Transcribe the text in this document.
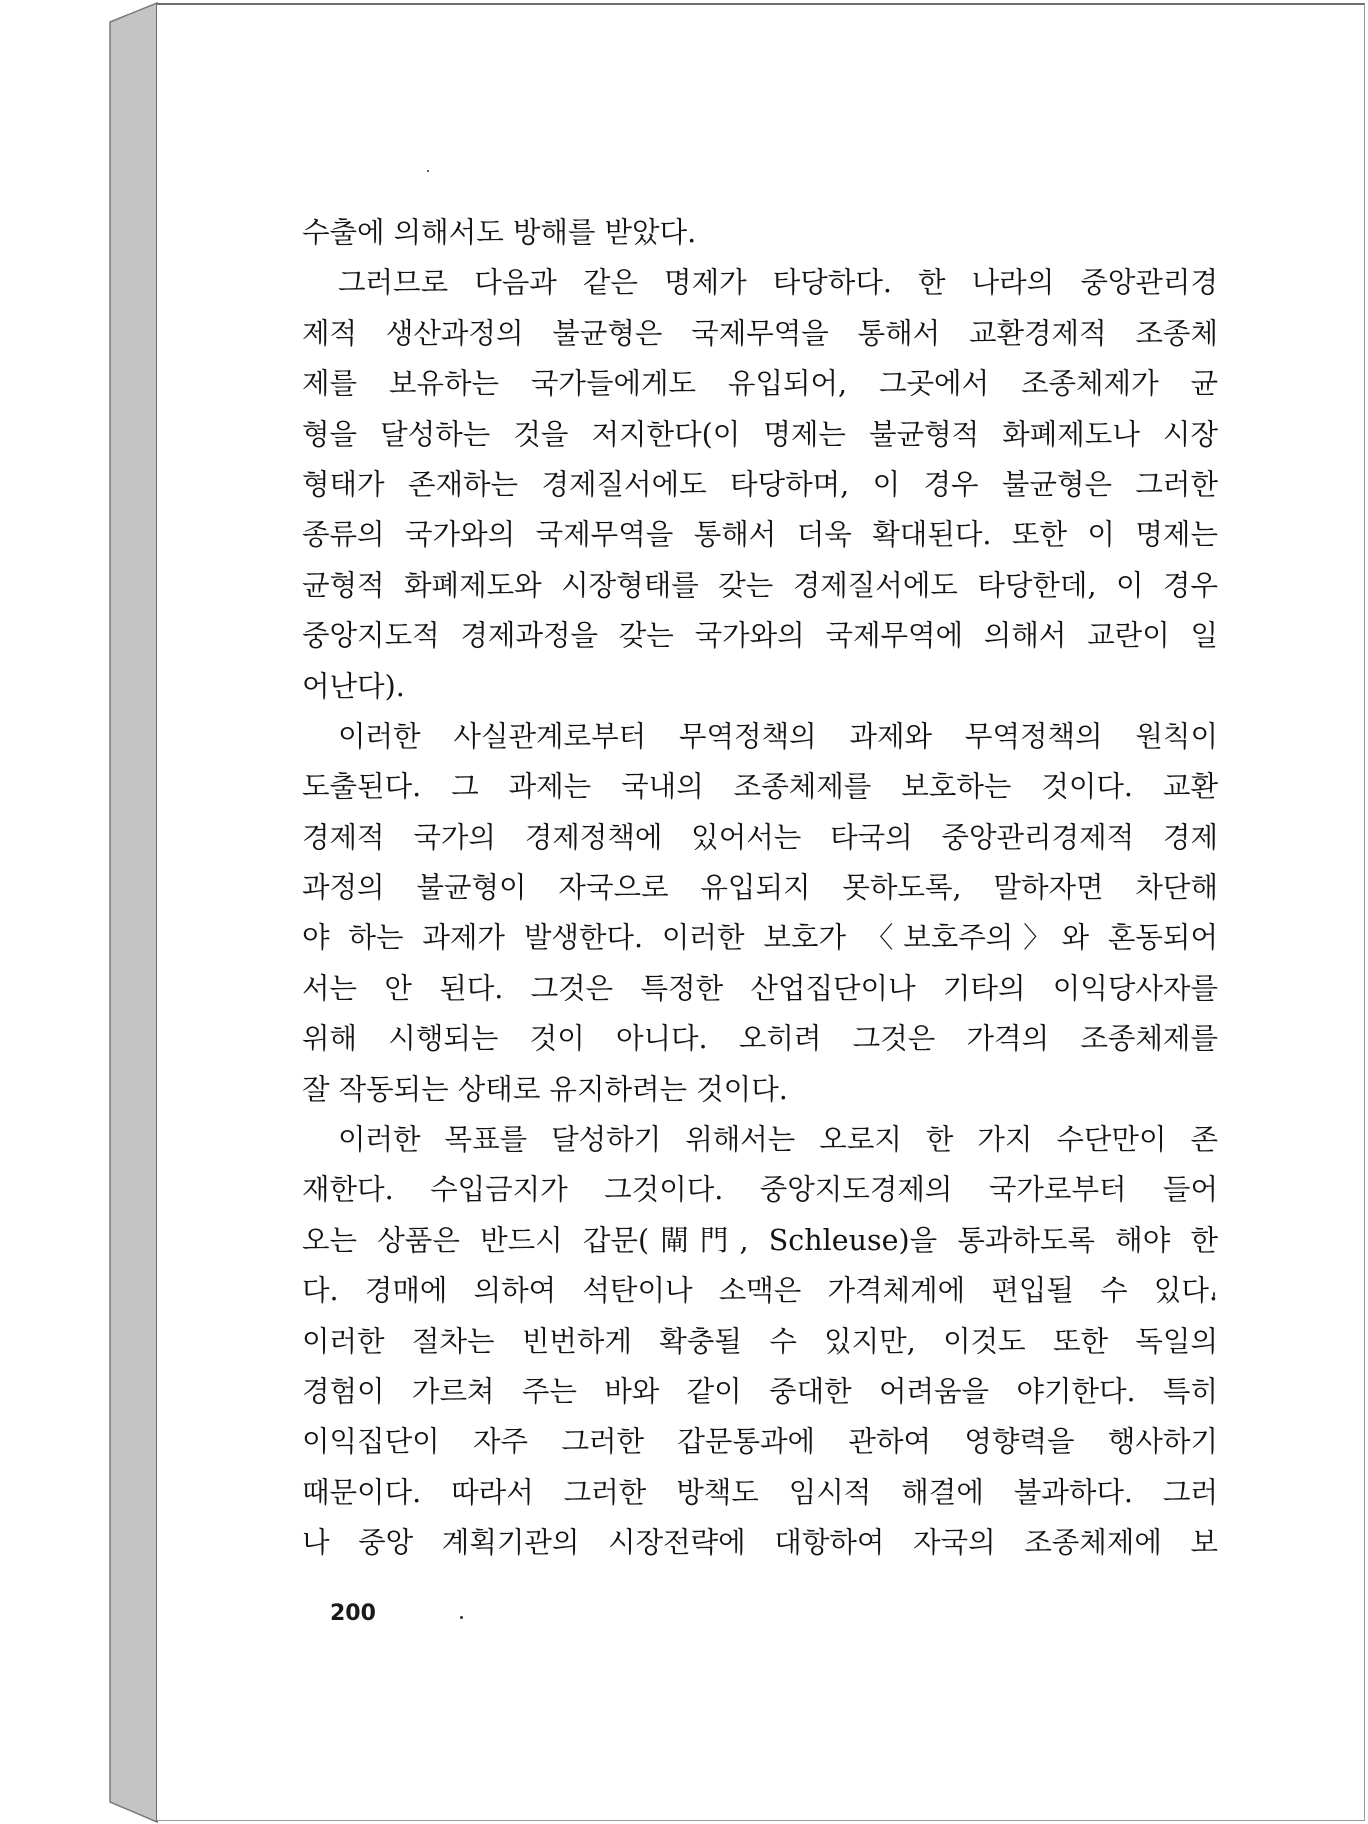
수출에 의해서도 방해를 받았다.
그러므로 다음과 같은 명제가 타당하다. 한 나라의 중앙관리경
제적 생산과정의 불균형은 국제무역을 통해서 교환경제적 조종체
제를 보유하는 국가들에게도 유입되어, 그곳에서 조종체제가 균
형을 달성하는 것을 저지한다(이 명제는 불균형적 화폐제도나 시장
형태가 존재하는 경제질서에도 타당하며, 이 경우 불균형은 그러한
종류의 국가와의 국제무역을 통해서 더욱 확대된다. 또한 이 명제는
균형적 화폐제도와 시장형태를 갖는 경제질서에도 타당한데, 이 경우
중앙지도적 경제과정을 갖는 국가와의 국제무역에 의해서 교란이 일
어난다).
이러한 사실관계로부터 무역정책의 과제와 무역정책의 원칙이
도출된다. 그 과제는 국내의 조종체제를 보호하는 것이다. 교환
경제적 국가의 경제정책에 있어서는 타국의 중앙관리경제적 경제
과정의 불균형이 자국으로 유입되지 못하도록, 말하자면 차단해
야 하는 과제가 발생한다. 이러한 보호가 〈보호주의〉와 혼동되어
서는 안 된다. 그것은 특정한 산업집단이나 기타의 이익당사자를
위해 시행되는 것이 아니다. 오히려 그것은 가격의 조종체제를
잘 작동되는 상태로 유지하려는 것이다.
이러한 목표를 달성하기 위해서는 오로지 한 가지 수단만이 존
재한다. 수입금지가 그것이다. 중앙지도경제의 국가로부터 들어
오는 상품은 반드시 갑문(閘門, Schleuse)을 통과하도록 해야 한
다. 경매에 의하여 석탄이나 소맥은 가격체계에 편입될 수 있다.
이러한 절차는 빈번하게 확충될 수 있지만, 이것도 또한 독일의
경험이 가르쳐 주는 바와 같이 중대한 어려움을 야기한다. 특히
이익집단이 자주 그러한 갑문통과에 관하여 영향력을 행사하기
때문이다. 따라서 그러한 방책도 임시적 해결에 불과하다. 그러
나 중앙 계획기관의 시장전략에 대항하여 자국의 조종체제에 보
200
